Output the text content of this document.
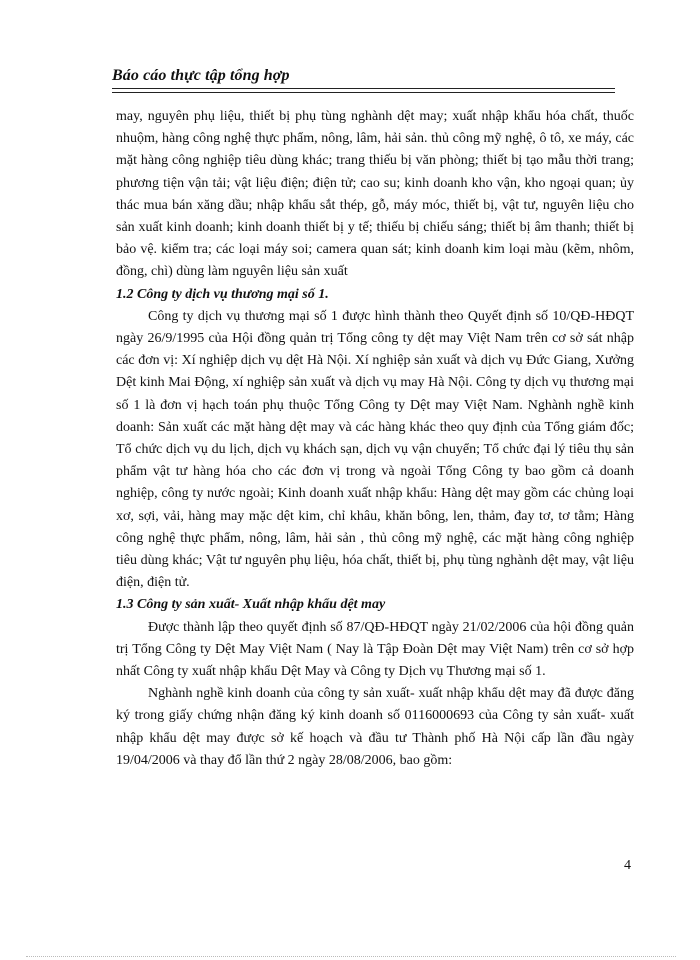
Báo cáo thực tập tổng hợp

may, nguyên phụ liệu, thiết bị phụ tùng nghành dệt may; xuất nhập khẩu hóa chất, thuốc nhuộm, hàng công nghệ thực phẩm, nông, lâm, hải sản. thủ công mỹ nghệ, ô tô, xe máy, các mặt hàng công nghiệp tiêu dùng khác; trang thiếu bị văn phòng; thiết bị tạo mẫu thời trang; phương tiện vận tải; vật liệu điện; điện tử; cao su; kinh doanh kho vận, kho ngoại quan; ủy thác mua bán xăng dầu; nhập khẩu sắt thép, gỗ, máy móc, thiết bị, vật tư, nguyên liệu cho sản xuất kinh doanh; kinh doanh thiết bị y tế; thiếu bị chiếu sáng; thiết bị âm thanh; thiết bị bảo vệ. kiểm tra; các loại máy soi; camera quan sát; kinh doanh kim loại màu (kẽm, nhôm, đồng, chì) dùng làm nguyên liệu sản xuất

1.2 Công ty dịch vụ thương mại số 1.

Công ty dịch vụ thương mại số 1 được hình thành theo Quyết định số 10/QĐ-HĐQT ngày 26/9/1995 của Hội đồng quản trị Tổng công ty dệt may Việt Nam trên cơ sở sát nhập các đơn vị: Xí nghiệp dịch vụ dệt Hà Nội. Xí nghiệp sản xuất và dịch vụ Đức Giang, Xưởng Dệt kinh Mai Động, xí nghiệp sản xuất và dịch vụ may Hà Nội. Công ty dịch vụ thương mại số 1 là đơn vị hạch toán phụ thuộc Tổng Công ty Dệt may Việt Nam. Nghành nghề kinh doanh: Sản xuất các mặt hàng dệt may và các hàng khác theo quy định của Tổng giám đốc; Tổ chức dịch vụ du lịch, dịch vụ khách sạn, dịch vụ vận chuyển; Tổ chức đại lý tiêu thụ sản phẩm vật tư hàng hóa cho các đơn vị trong và ngoài Tổng Công ty bao gồm cả doanh nghiệp, công ty nước ngoài; Kinh doanh xuất nhập khẩu: Hàng dệt may gồm các chủng loại xơ, sợi, vải, hàng may mặc dệt kim, chỉ khâu, khăn bông, len, thảm, đay tơ, tơ tằm; Hàng công nghệ thực phẩm, nông, lâm, hải sản , thủ công mỹ nghệ, các mặt hàng công nghiệp tiêu dùng khác; Vật tư nguyên phụ liệu, hóa chất, thiết bị, phụ tùng nghành dệt may, vật liệu điện, điện tử.

1.3 Công ty sản xuất- Xuất nhập khẩu dệt may

Được thành lập theo quyết định số 87/QĐ-HĐQT ngày 21/02/2006 của hội đồng quản trị Tổng Công ty Dệt May Việt Nam ( Nay là Tập Đoàn Dệt may Việt Nam) trên cơ sở hợp nhất Công ty xuất nhập khẩu Dệt May và Công ty Dịch vụ Thương mại số 1.

Nghành nghề kinh doanh của công ty sản xuất- xuất nhập khẩu dệt may đã được đăng ký trong giấy chứng nhận đăng ký kinh doanh số 0116000693 của Công ty sản xuất- xuất nhập khẩu dệt may được sở kế hoạch và đầu tư Thành phố Hà Nội cấp lần đầu ngày 19/04/2006 và thay đổ lần thứ 2 ngày 28/08/2006, bao gồm:

4
